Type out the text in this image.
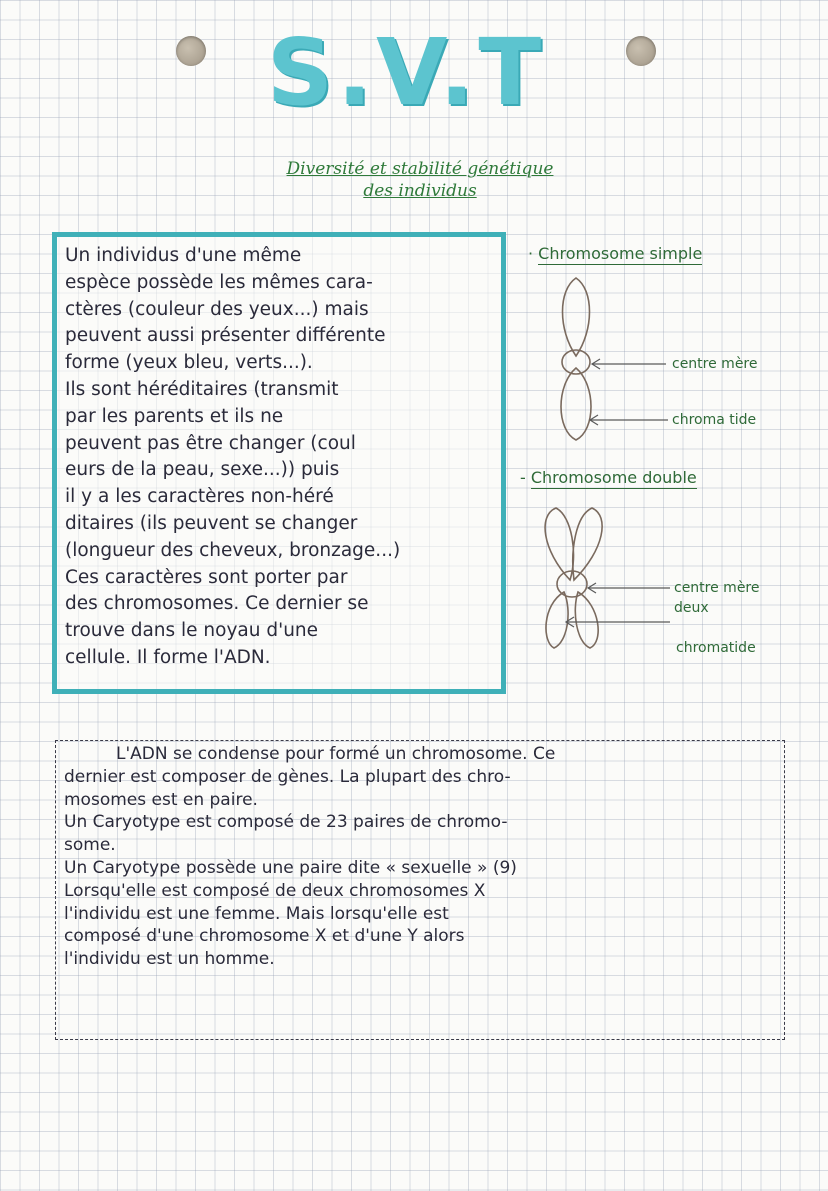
S.V.T
Diversité et stabilité génétique
des individus

Un individus d'une même

espèce possède les mêmes cara-

ctères (couleur des yeux...) mais

peuvent aussi présenter différente

forme (yeux bleu, verts...).

Ils sont héréditaires (transmit

par les parents et ils ne

peuvent pas être changer (coul

eurs de la peau, sexe...)) puis

il y a les caractères non-héré

ditaires (ils peuvent se changer

(longueur des cheveux, bronzage...)

Ces caractères sont porter par

des chromosomes. Ce dernier se

trouve dans le noyau d'une

cellule. Il forme l'ADN.

· Chromosome simple
- Chromosome double
centre mère
chroma tide
centre mère
deux
chromatide

L'ADN se condense pour formé un chromosome. Ce

dernier est composer de gènes. La plupart des chro-

mosomes est en paire.

Un Caryotype est composé de 23 paires de chromo-

some.

Un Caryotype possède une paire dite « sexuelle » (9)

Lorsqu'elle est composé de deux chromosomes X

l'individu est une femme. Mais lorsqu'elle est

composé d'une chromosome X et d'une Y alors

l'individu est un homme.
